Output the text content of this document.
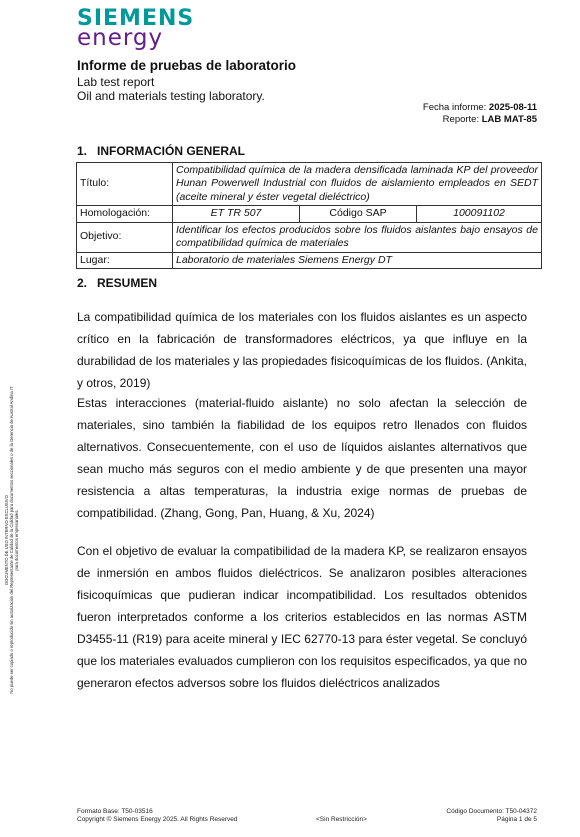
SIEMENS
energy
Informe de pruebas de laboratorio
Lab test report
Oil and materials testing laboratory.
Fecha informe: 2025-08-11
Reporte: LAB MAT-85
1. INFORMACIÓN GENERAL
Título:	Compatibilidad química de la madera densificada laminada KP del proveedor Hunan Powerwell Industrial con fluidos de aislamiento empleados en SEDT (aceite mineral y éster vegetal dieléctrico)		
Homologación:	ET TR 507	Código SAP	100091102
Objetivo:	Identificar los efectos producidos sobre los fluidos aislantes bajo ensayos de compatibilidad química de materiales		
Lugar:	Laboratorio de materiales Siemens Energy DT		
2. RESUMEN

La compatibilidad química de los materiales con los fluidos aislantes es un aspecto crítico en la fabricación de transformadores eléctricos, ya que influye en la durabilidad de los materiales y las propiedades fisicoquímicas de los fluidos. (Ankita, y otros, 2019)

Estas interacciones (material-fluido aislante) no solo afectan la selección de materiales, sino también la fiabilidad de los equipos retro llenados con fluidos alternativos. Consecuentemente, con el uso de líquidos aislantes alternativos que sean mucho más seguros con el medio ambiente y de que presenten una mayor resistencia a altas temperaturas, la industria exige normas de pruebas de compatibilidad. (Zhang, Gong, Pan, Huang, & Xu, 2024)

Con el objetivo de evaluar la compatibilidad de la madera KP, se realizaron ensayos de inmersión en ambos fluidos dieléctricos. Se analizaron posibles alteraciones fisicoquímicas que pudieran indicar incompatibilidad. Los resultados obtenidos fueron interpretados conforme a los criterios establecidos en las normas ASTM D3455-11 (R19) para aceite mineral y IEC 62770-13 para éster vegetal. Se concluyó que los materiales evaluados cumplieron con los requisitos especificados, ya que no generaron efectos adversos sobre los fluidos dieléctricos analizados

DOCUMENTO DE USO INTERNO EXCLUSIVO No puede ser copiado o reproducido sin autorización del Representante de Calidad de la Calidad para documentos seccionales o de la Gerencia de Austral Andina IT para documentos empresariales.
Formato Base: T50-03516
Copyright © Siemens Energy 2025. All Rights Reserved	<Sin Restricción>
Código Documento: T50-04372
Página 1 de 5
